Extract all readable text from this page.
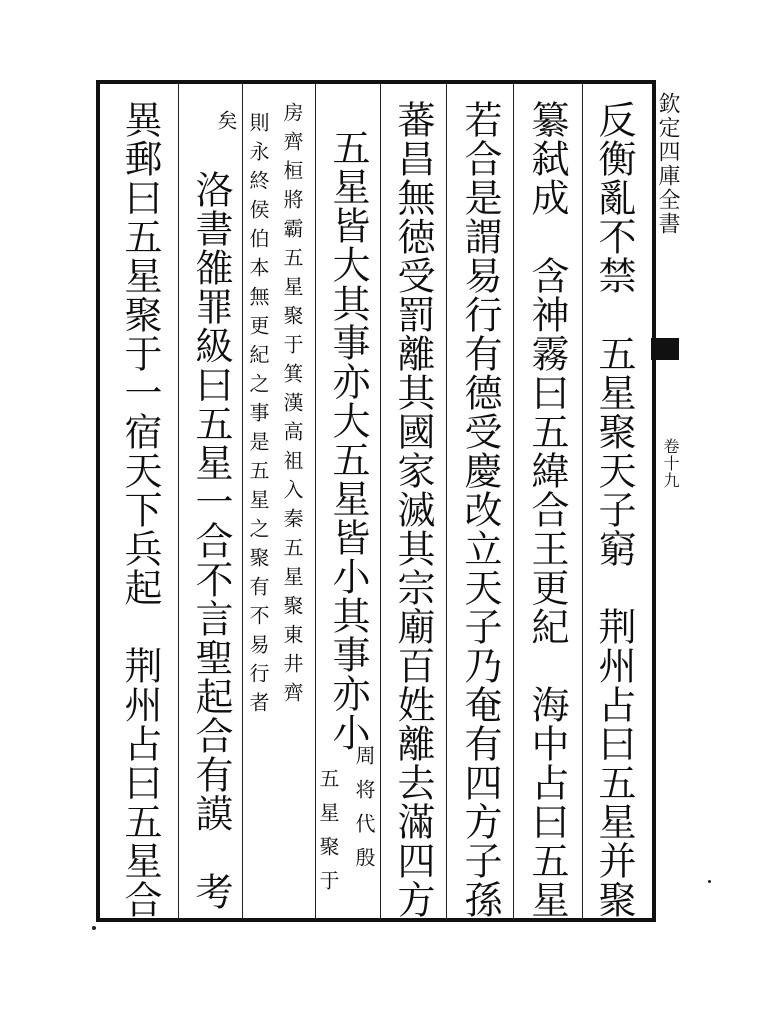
欽定四庫全書
卷十九
反衡亂不禁　五星聚天子窮　荆州占曰五星并聚
纂弑成　含神霧曰五緯合王更紀　海中占曰五星
若合是謂易行有德受慶改立天子乃奄有四方子孫
蕃昌無徳受罰離其國家滅其宗廟百姓離去滿四方
五星皆大其事亦大五星皆小其事亦小
周将代殷
五星聚于
房齊桓將霸五星聚于箕漢高祖入秦五星聚東井齊
則永終侯伯本無更紀之事是五星之聚有不易行者
矣
洛書雒罪級曰五星一合不言聖起合有謨　考
異郵曰五星聚于一宿天下兵起　荆州占曰五星合
